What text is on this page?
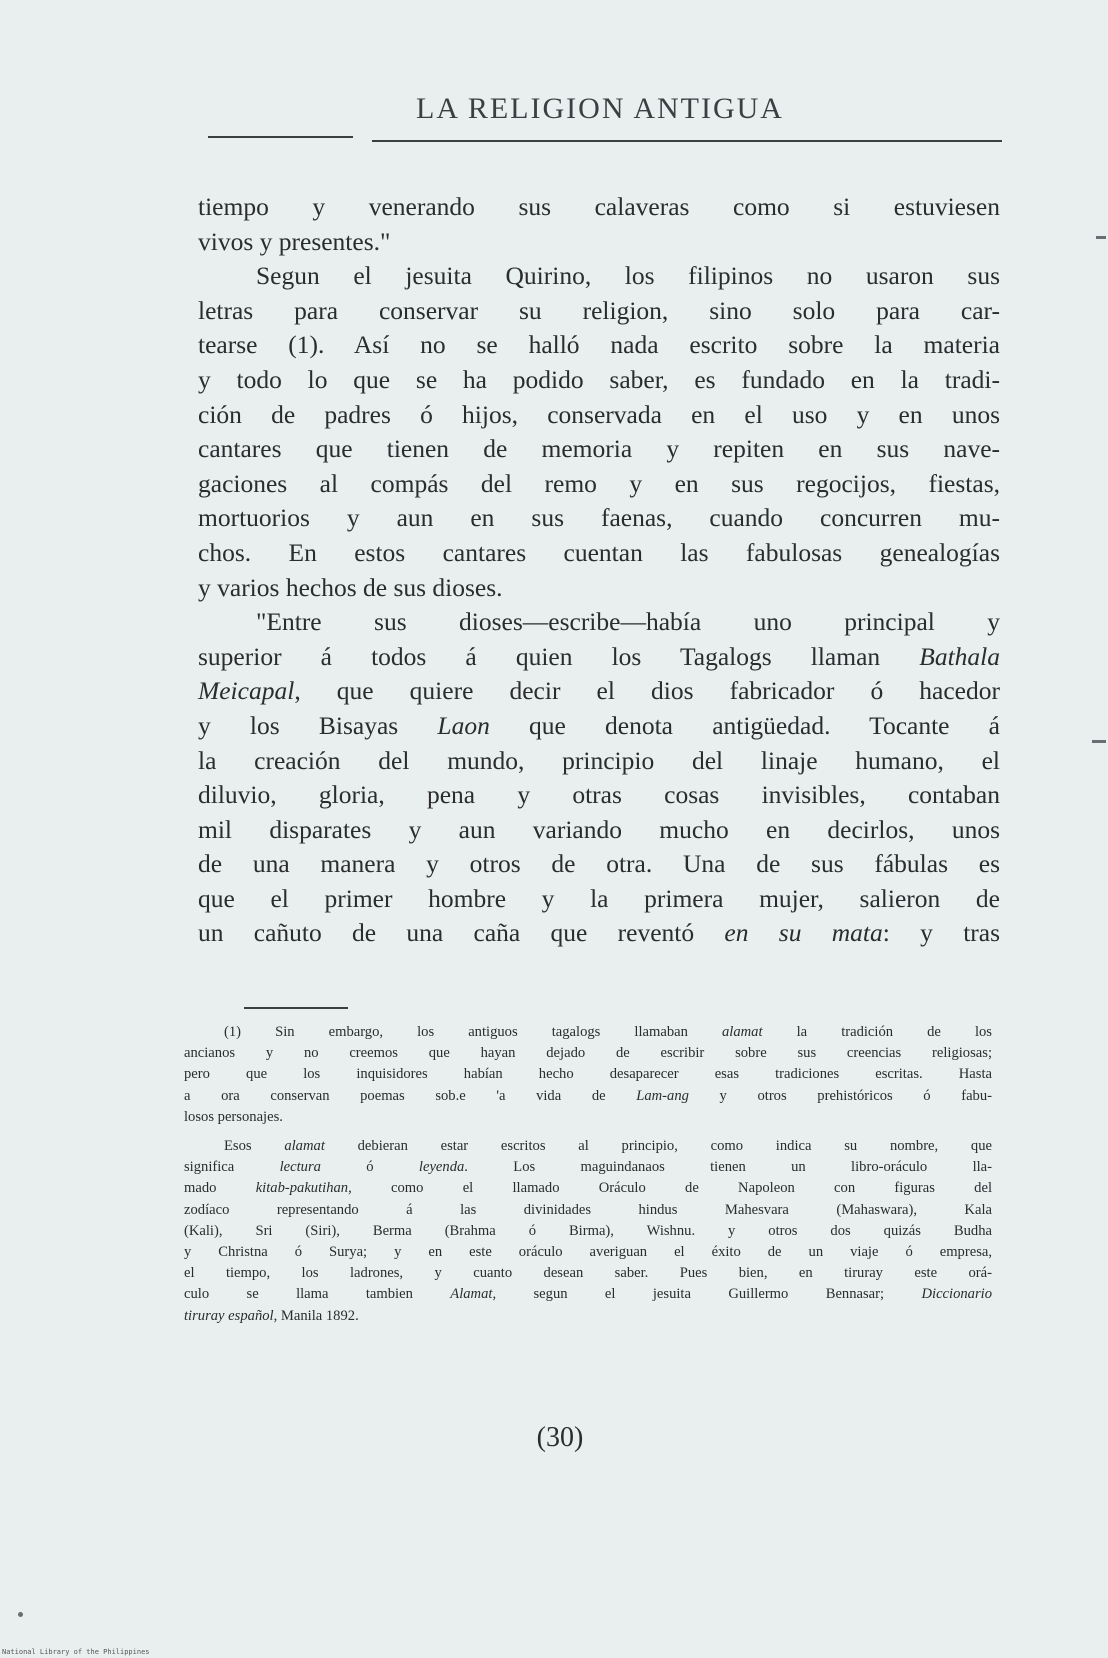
LA RELIGION ANTIGUA
tiempo y venerando sus calaveras como si estuviesen
vivos y presentes."
Segun el jesuita Quirino, los filipinos no usaron sus
letras para conservar su religion, sino solo para car-
tearse (1). Así no se halló nada escrito sobre la materia
y todo lo que se ha podido saber, es fundado en la tradi-
ción de padres ó hijos, conservada en el uso y en unos
cantares que tienen de memoria y repiten en sus nave-
gaciones al compás del remo y en sus regocijos, fiestas,
mortuorios y aun en sus faenas, cuando concurren mu-
chos. En estos cantares cuentan las fabulosas genealogías
y varios hechos de sus dioses.
"Entre sus dioses—escribe—había uno principal y
superior á todos á quien los Tagalogs llaman Bathala
Meicapal, que quiere decir el dios fabricador ó hacedor
y los Bisayas Laon que denota antigüedad. Tocante á
la creación del mundo, principio del linaje humano, el
diluvio, gloria, pena y otras cosas invisibles, contaban
mil disparates y aun variando mucho en decirlos, unos
de una manera y otros de otra. Una de sus fábulas es
que el primer hombre y la primera mujer, salieron de
un cañuto de una caña que reventó en su mata: y tras
(1) Sin embargo, los antiguos tagalogs llamaban alamat la tradición de los
ancianos y no creemos que hayan dejado de escribir sobre sus creencias religiosas;
pero que los inquisidores habían hecho desaparecer esas tradiciones escritas. Hasta
a ora conservan poemas sob.e 'a vida de Lam-ang y otros prehistóricos ó fabu-
losos personajes.
Esos alamat debieran estar escritos al principio, como indica su nombre, que
significa lectura ó leyenda. Los maguindanaos tienen un libro-oráculo lla-
mado kitab-pakutihan, como el llamado Oráculo de Napoleon con figuras del
zodíaco representando á las divinidades hindus Mahesvara (Mahaswara), Kala
(Kali), Sri (Siri), Berma (Brahma ó Birma), Wishnu. y otros dos quizás Budha
y Christna ó Surya; y en este oráculo averiguan el éxito de un viaje ó empresa,
el tiempo, los ladrones, y cuanto desean saber. Pues bien, en tiruray este orá-
culo se llama tambien Alamat, segun el jesuita Guillermo Bennasar; Diccionario
tiruray español, Manila 1892.
(30)
National Library of the Philippines
